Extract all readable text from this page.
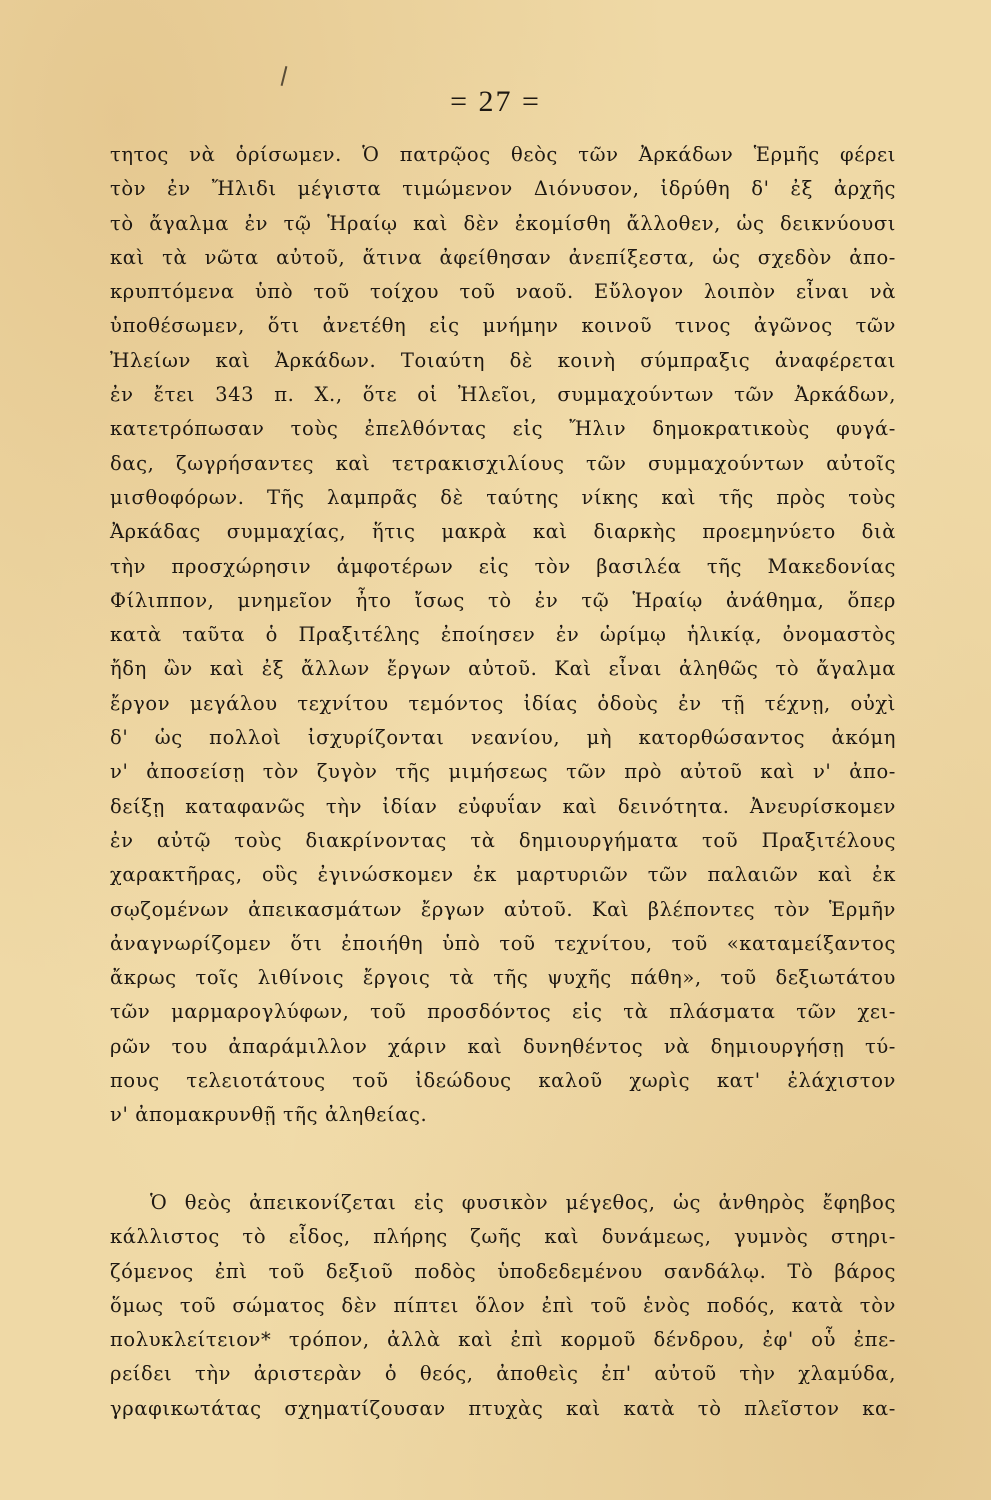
= 27 =
τητος νὰ ὁρίσωμεν. Ὁ πατρῷος θεὸς τῶν Ἀρκάδων Ἑρμῆς φέρει
τὸν ἐν Ἤλιδι μέγιστα τιμώμενον Διόνυσον, ἱδρύθη δ' ἐξ ἀρχῆς
τὸ ἄγαλμα ἐν τῷ Ἡραίῳ καὶ δὲν ἐκομίσθη ἄλλοθεν, ὡς δεικνύουσι
καὶ τὰ νῶτα αὐτοῦ, ἅτινα ἀφείθησαν ἀνεπίξεστα, ὡς σχεδὸν ἀπο-
κρυπτόμενα ὑπὸ τοῦ τοίχου τοῦ ναοῦ. Εὔλογον λοιπὸν εἶναι νὰ
ὑποθέσωμεν, ὅτι ἀνετέθη εἰς μνήμην κοινοῦ τινος ἀγῶνος τῶν
Ἠλείων καὶ Ἀρκάδων. Τοιαύτη δὲ κοινὴ σύμπραξις ἀναφέρεται
ἐν ἔτει 343 π. Χ., ὅτε οἱ Ἠλεῖοι, συμμαχούντων τῶν Ἀρκάδων,
κατετρόπωσαν τοὺς ἐπελθόντας εἰς Ἤλιν δημοκρατικοὺς φυγά-
δας, ζωγρήσαντες καὶ τετρακισχιλίους τῶν συμμαχούντων αὐτοῖς
μισθοφόρων. Τῆς λαμπρᾶς δὲ ταύτης νίκης καὶ τῆς πρὸς τοὺς
Ἀρκάδας συμμαχίας, ἥτις μακρὰ καὶ διαρκὴς προεμηνύετο διὰ
τὴν προσχώρησιν ἀμφοτέρων εἰς τὸν βασιλέα τῆς Μακεδονίας
Φίλιππον, μνημεῖον ἦτο ἴσως τὸ ἐν τῷ Ἡραίῳ ἀνάθημα, ὅπερ
κατὰ ταῦτα ὁ Πραξιτέλης ἐποίησεν ἐν ὡρίμῳ ἡλικίᾳ, ὀνομαστὸς
ἤδη ὢν καὶ ἐξ ἄλλων ἔργων αὐτοῦ. Καὶ εἶναι ἀληθῶς τὸ ἄγαλμα
ἔργον μεγάλου τεχνίτου τεμόντος ἰδίας ὁδοὺς ἐν τῇ τέχνῃ, οὐχὶ
δ' ὡς πολλοὶ ἰσχυρίζονται νεανίου, μὴ κατορθώσαντος ἀκόμη
ν' ἀποσείσῃ τὸν ζυγὸν τῆς μιμήσεως τῶν πρὸ αὐτοῦ καὶ ν' ἀπο-
δείξῃ καταφανῶς τὴν ἰδίαν εὐφυΐαν καὶ δεινότητα. Ἀνευρίσκομεν
ἐν αὐτῷ τοὺς διακρίνοντας τὰ δημιουργήματα τοῦ Πραξιτέλους
χαρακτῆρας, οὓς ἐγινώσκομεν ἐκ μαρτυριῶν τῶν παλαιῶν καὶ ἐκ
σῳζομένων ἀπεικασμάτων ἔργων αὐτοῦ. Καὶ βλέποντες τὸν Ἑρμῆν
ἀναγνωρίζομεν ὅτι ἐποιήθη ὑπὸ τοῦ τεχνίτου, τοῦ «καταμείξαντος
ἄκρως τοῖς λιθίνοις ἔργοις τὰ τῆς ψυχῆς πάθη», τοῦ δεξιωτάτου
τῶν μαρμαρογλύφων, τοῦ προσδόντος εἰς τὰ πλάσματα τῶν χει-
ρῶν του ἀπαράμιλλον χάριν καὶ δυνηθέντος νὰ δημιουργήσῃ τύ-
πους τελειοτάτους τοῦ ἰδεώδους καλοῦ χωρὶς κατ' ἐλάχιστον
ν' ἀπομακρυνθῇ τῆς ἀληθείας.
Ὁ θεὸς ἀπεικονίζεται εἰς φυσικὸν μέγεθος, ὡς ἀνθηρὸς ἔφηβος
κάλλιστος τὸ εἶδος, πλήρης ζωῆς καὶ δυνάμεως, γυμνὸς στηρι-
ζόμενος ἐπὶ τοῦ δεξιοῦ ποδὸς ὑποδεδεμένου σανδάλῳ. Τὸ βάρος
ὅμως τοῦ σώματος δὲν πίπτει ὅλον ἐπὶ τοῦ ἑνὸς ποδός, κατὰ τὸν
πολυκλείτειον* τρόπον, ἀλλὰ καὶ ἐπὶ κορμοῦ δένδρου, ἐφ' οὗ ἐπε-
ρείδει τὴν ἀριστερὰν ὁ θεός, ἀποθεὶς ἐπ' αὐτοῦ τὴν χλαμύδα,
γραφικωτάτας σχηματίζουσαν πτυχὰς καὶ κατὰ τὸ πλεῖστον κα-
